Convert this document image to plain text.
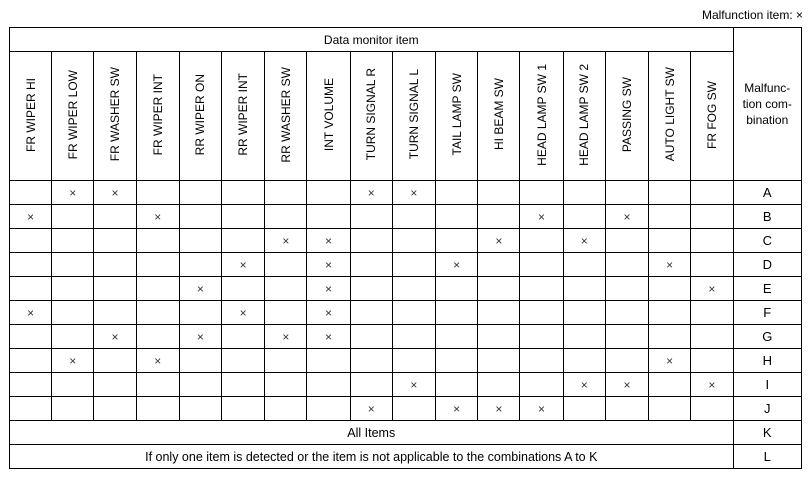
Malfunction item: ×
Data monitor item																	Malfunc-
tion com-
bination
FR WIPER HI	FR WIPER LOW	FR WASHER SW	FR WIPER INT	RR WIPER ON	RR WIPER INT	RR WASHER SW	INT VOLUME	TURN SIGNAL R	TURN SIGNAL L	TAIL LAMP SW	HI BEAM SW	HEAD LAMP SW 1	HEAD LAMP SW 2	PASSING SW	AUTO LIGHT SW	FR FOG SW	
	×	×						×	×								A
×			×									×		×			B
						×	×				×		×				C
					×		×			×					×		D
				×			×									×	E
×					×		×										F
		×		×		×	×										G
	×		×												×		H
									×				×	×		×	I
								×		×	×	×					J
All Items																	K
If only one item is detected or the item is not applicable to the combinations A to K																	L
